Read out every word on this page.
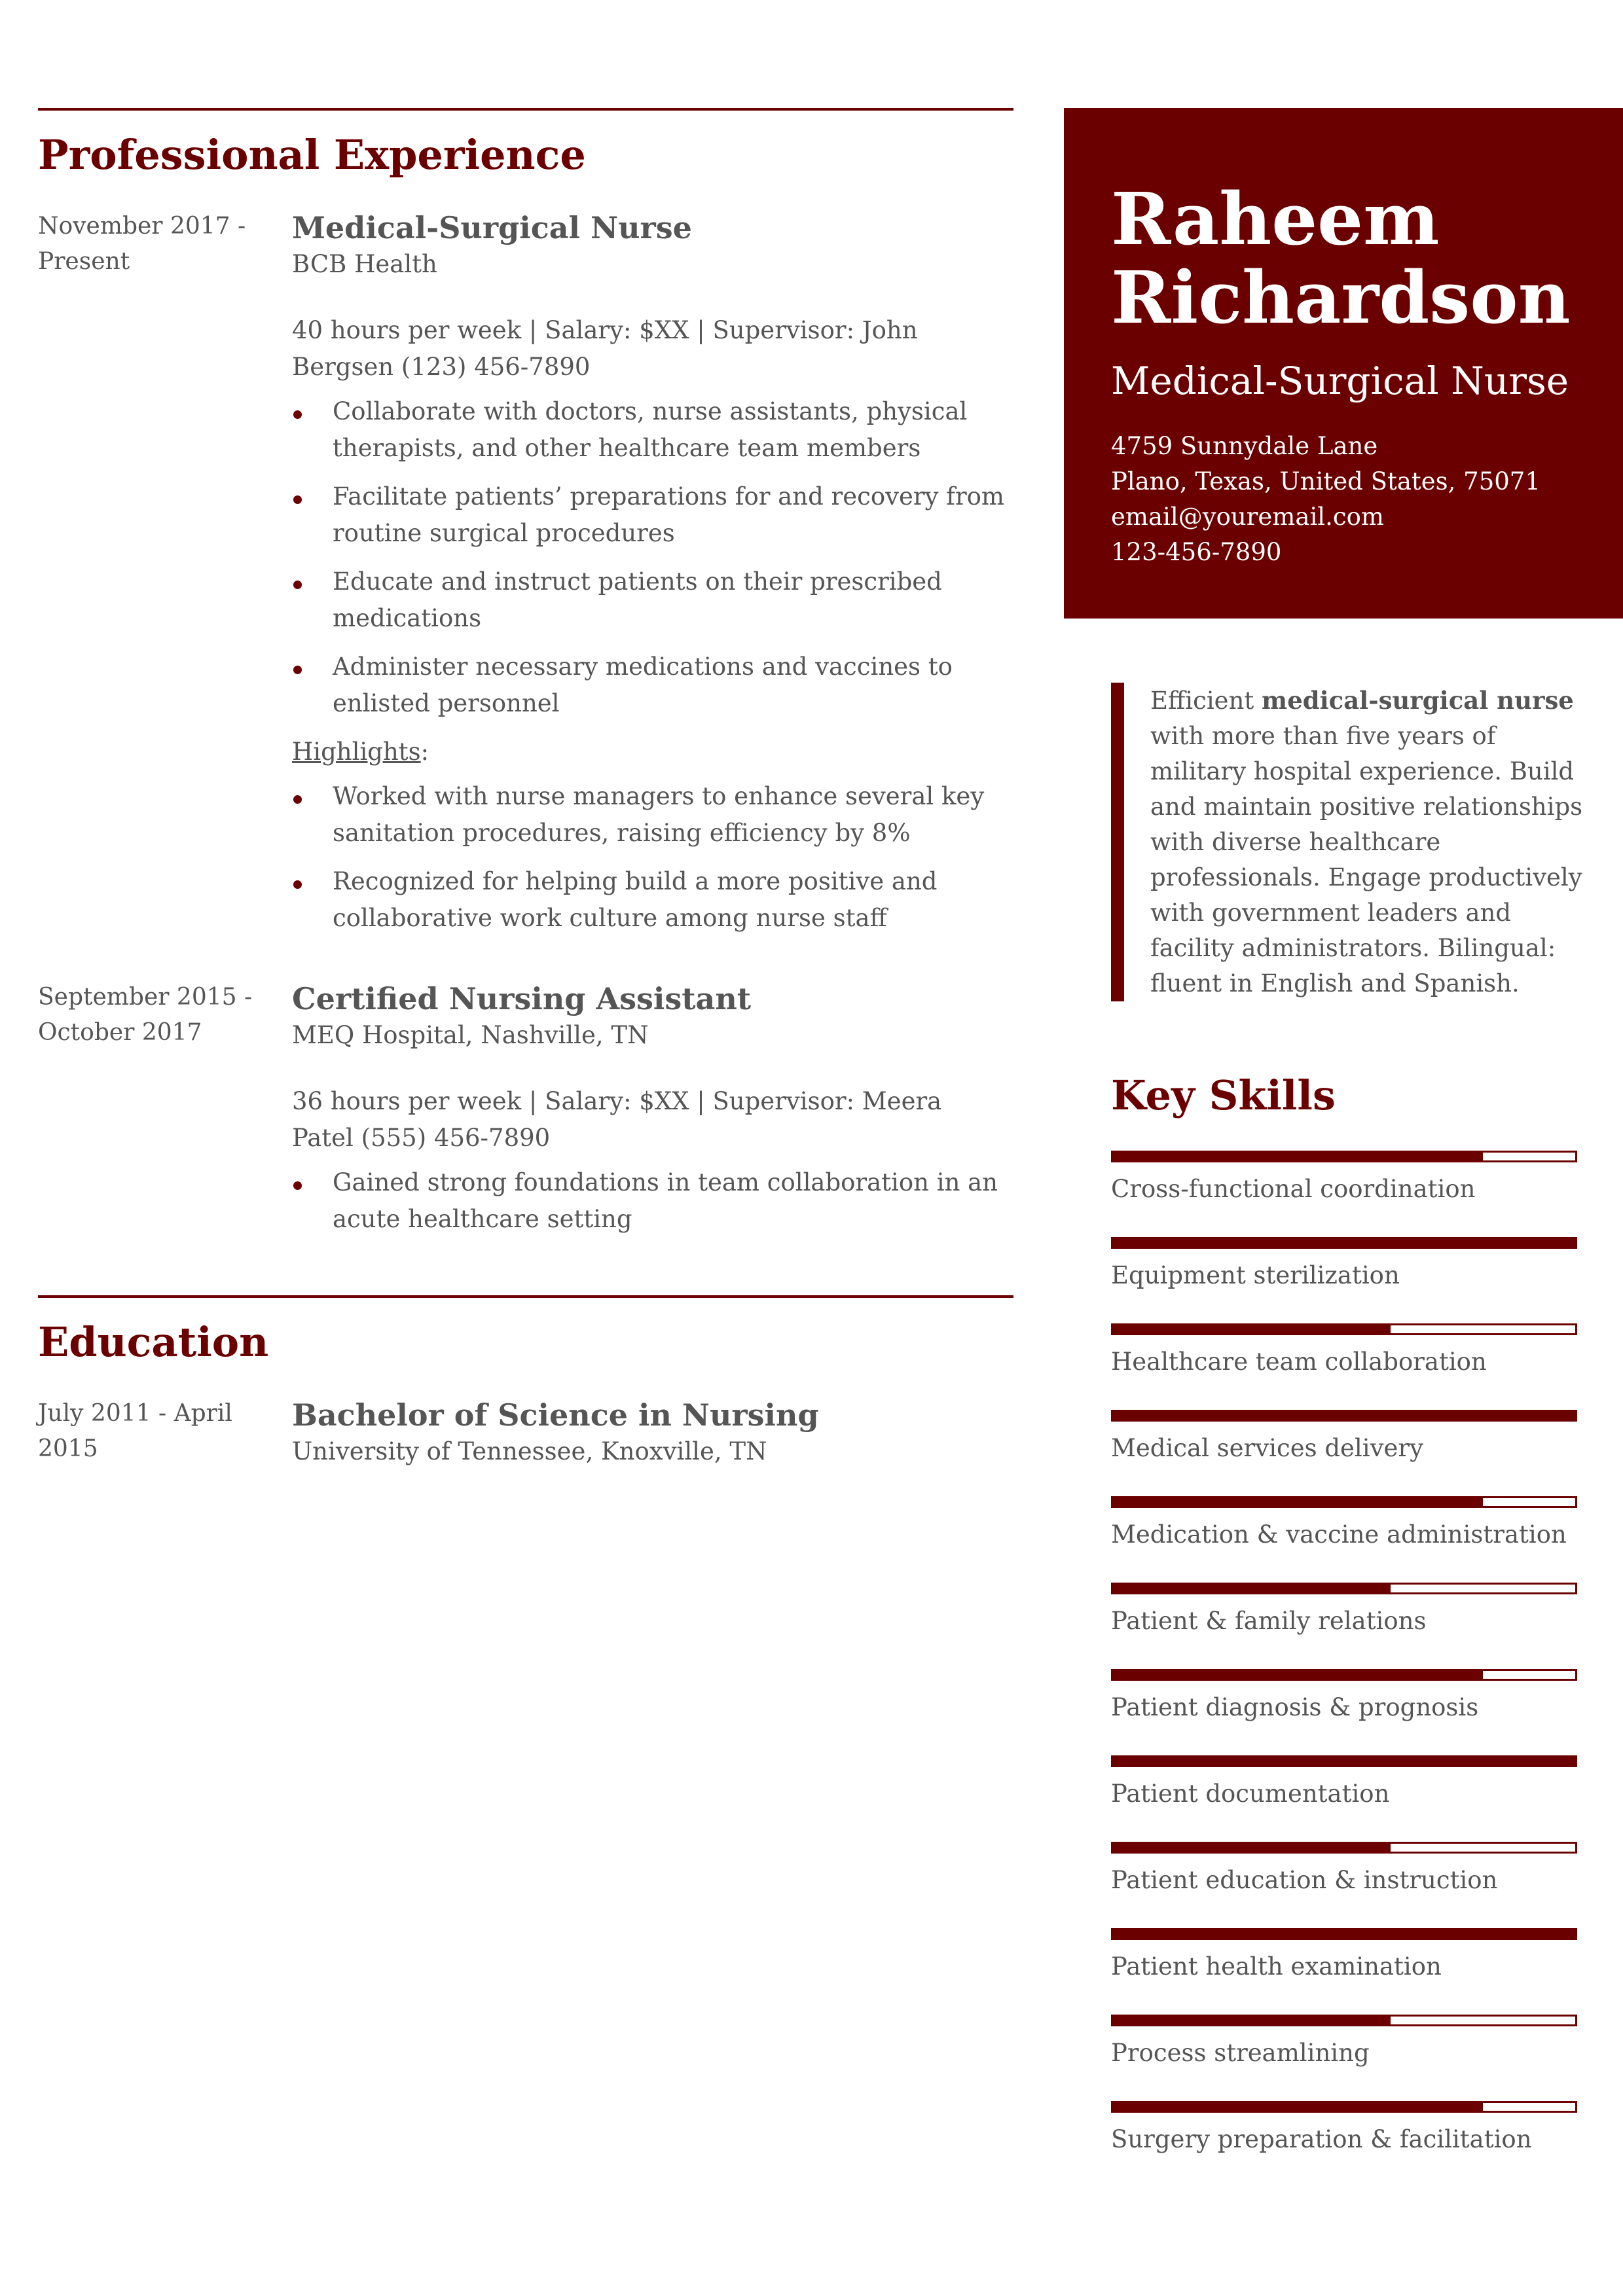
Professional Experience
November 2017 - Present
Medical-Surgical Nurse
BCB Health
40 hours per week | Salary: $XX | Supervisor: John Bergsen (123) 456-7890
Collaborate with doctors, nurse assistants, physical therapists, and other healthcare team members
Facilitate patients’ preparations for and recovery from routine surgical procedures
Educate and instruct patients on their prescribed medications
Administer necessary medications and vaccines to enlisted personnel
Highlights:
Worked with nurse managers to enhance several key sanitation procedures, raising efficiency by 8%
Recognized for helping build a more positive and collaborative work culture among nurse staff
September 2015 - October 2017
Certified Nursing Assistant
MEQ Hospital, Nashville, TN
36 hours per week | Salary: $XX | Supervisor: Meera Patel (555) 456-7890
Gained strong foundations in team collaboration in an acute healthcare setting
Education
July 2011 - April 2015
Bachelor of Science in Nursing
University of Tennessee, Knoxville, TN
Raheem
Richardson
Medical-Surgical Nurse
4759 Sunnydale Lane
Plano, Texas, United States, 75071
email@youremail.com
123-456-7890
Efficient medical-surgical nurse with more than five years of military hospital experience. Build and maintain positive relationships with diverse healthcare professionals. Engage productively with government leaders and facility administrators. Bilingual: fluent in English and Spanish.
Key Skills
Cross-functional coordination
Equipment sterilization
Healthcare team collaboration
Medical services delivery
Medication & vaccine administration
Patient & family relations
Patient diagnosis & prognosis
Patient documentation
Patient education & instruction
Patient health examination
Process streamlining
Surgery preparation & facilitation
